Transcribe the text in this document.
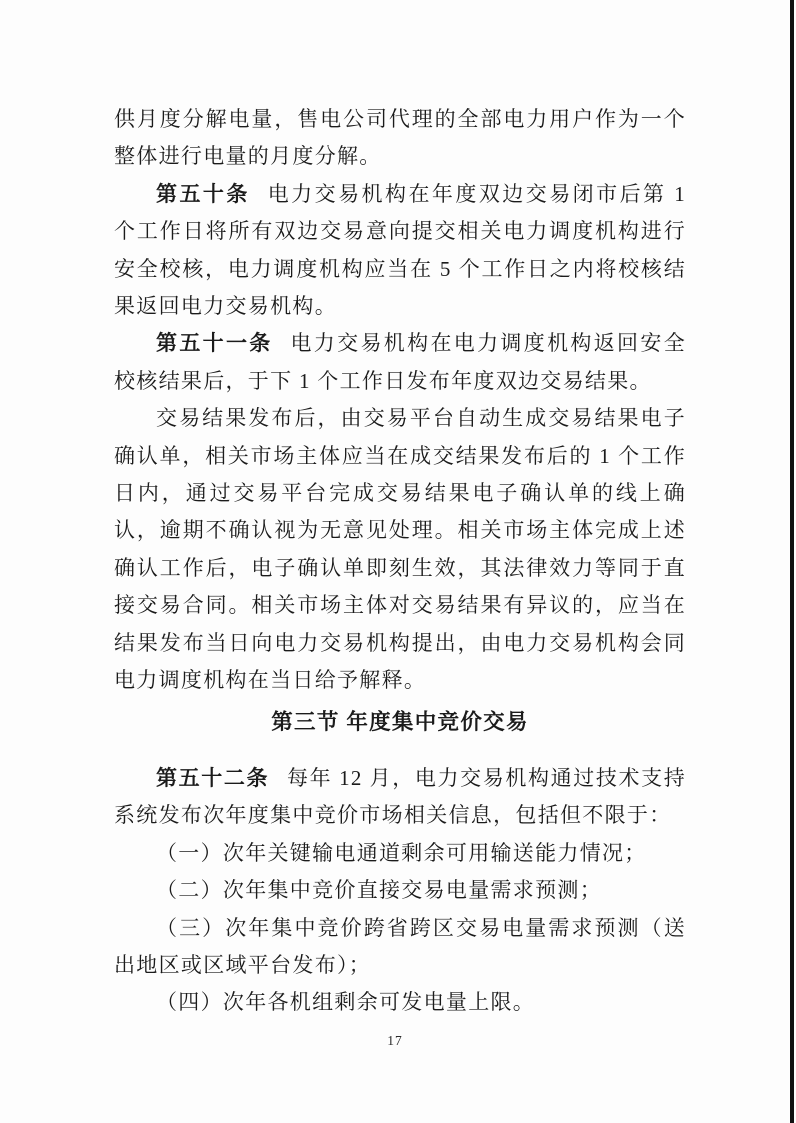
供月度分解电量，售电公司代理的全部电力用户作为一个整体进行电量的月度分解。

第五十条 电力交易机构在年度双边交易闭市后第 1 个工作日将所有双边交易意向提交相关电力调度机构进行安全校核，电力调度机构应当在 5 个工作日之内将校核结果返回电力交易机构。

第五十一条 电力交易机构在电力调度机构返回安全校核结果后，于下 1 个工作日发布年度双边交易结果。

交易结果发布后，由交易平台自动生成交易结果电子确认单，相关市场主体应当在成交结果发布后的 1 个工作日内，通过交易平台完成交易结果电子确认单的线上确认，逾期不确认视为无意见处理。相关市场主体完成上述确认工作后，电子确认单即刻生效，其法律效力等同于直接交易合同。相关市场主体对交易结果有异议的，应当在结果发布当日向电力交易机构提出，由电力交易机构会同电力调度机构在当日给予解释。

第三节 年度集中竞价交易

第五十二条 每年 12 月，电力交易机构通过技术支持系统发布次年度集中竞价市场相关信息，包括但不限于：

（一）次年关键输电通道剩余可用输送能力情况；

（二）次年集中竞价直接交易电量需求预测；

（三）次年集中竞价跨省跨区交易电量需求预测（送出地区或区域平台发布）；

（四）次年各机组剩余可发电量上限。

17
